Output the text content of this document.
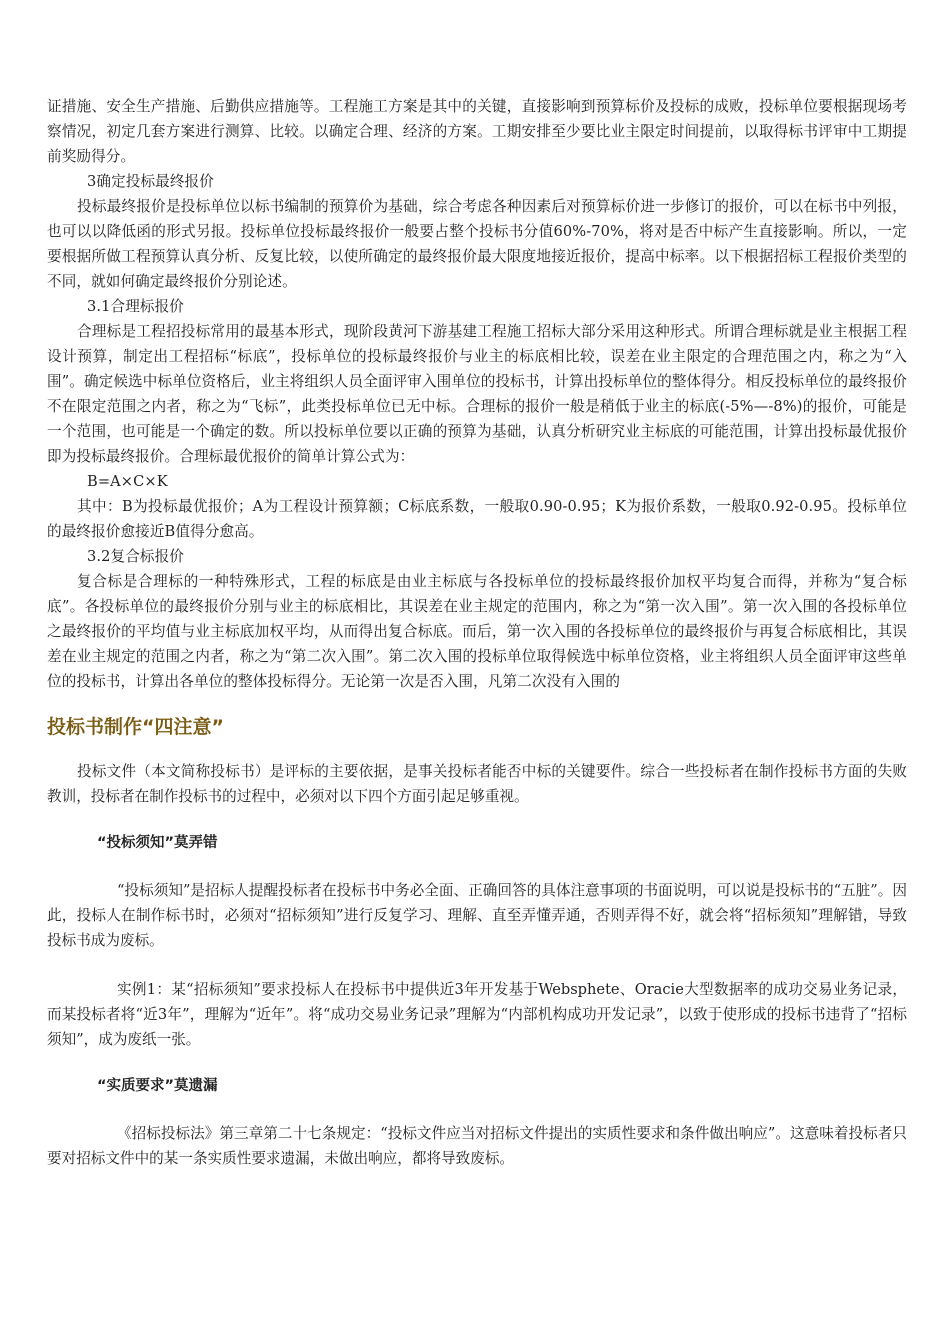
证措施、安全生产措施、后勤供应措施等。工程施工方案是其中的关键，直接影响到预算标价及投标的成败，投标单位要根据现场考察情况，初定几套方案进行测算、比较。以确定合理、经济的方案。工期安排至少要比业主限定时间提前，以取得标书评审中工期提前奖励得分。

3确定投标最终报价

投标最终报价是投标单位以标书编制的预算价为基础，综合考虑各种因素后对预算标价进一步修订的报价，可以在标书中列报，也可以以降低函的形式另报。投标单位投标最终报价一般要占整个投标书分值60%-70%，将对是否中标产生直接影响。所以，一定要根据所做工程预算认真分析、反复比较，以使所确定的最终报价最大限度地接近报价，提高中标率。以下根据招标工程报价类型的不同，就如何确定最终报价分别论述。

3.1合理标报价

合理标是工程招投标常用的最基本形式，现阶段黄河下游基建工程施工招标大部分采用这种形式。所谓合理标就是业主根据工程设计预算，制定出工程招标“标底”，投标单位的投标最终报价与业主的标底相比较，误差在业主限定的合理范围之内，称之为“入围”。确定候选中标单位资格后，业主将组织人员全面评审入围单位的投标书，计算出投标单位的整体得分。相反投标单位的最终报价不在限定范围之内者，称之为“飞标”，此类投标单位已无中标。合理标的报价一般是稍低于业主的标底(-5%—-8%)的报价，可能是一个范围，也可能是一个确定的数。所以投标单位要以正确的预算为基础，认真分析研究业主标底的可能范围，计算出投标最优报价即为投标最终报价。合理标最优报价的简单计算公式为：

B=A×C×K

其中：B为投标最优报价；A为工程设计预算额；C标底系数，一般取0.90-0.95；K为报价系数，一般取0.92-0.95。投标单位的最终报价愈接近B值得分愈高。

3.2复合标报价

复合标是合理标的一种特殊形式，工程的标底是由业主标底与各投标单位的投标最终报价加权平均复合而得，并称为“复合标底”。各投标单位的最终报价分别与业主的标底相比，其误差在业主规定的范围内，称之为“第一次入围”。第一次入围的各投标单位之最终报价的平均值与业主标底加权平均，从而得出复合标底。而后，第一次入围的各投标单位的最终报价与再复合标底相比，其误差在业主规定的范围之内者，称之为“第二次入围”。第二次入围的投标单位取得候选中标单位资格，业主将组织人员全面评审这些单位的投标书，计算出各单位的整体投标得分。无论第一次是否入围，凡第二次没有入围的

投标书制作“四注意”

投标文件（本文简称投标书）是评标的主要依据，是事关投标者能否中标的关键要件。综合一些投标者在制作投标书方面的失败教训，投标者在制作投标书的过程中，必须对以下四个方面引起足够重视。

“投标须知”莫弄错

“投标须知”是招标人提醒投标者在投标书中务必全面、正确回答的具体注意事项的书面说明，可以说是投标书的“五脏”。因此，投标人在制作标书时，必须对“招标须知”进行反复学习、理解、直至弄懂弄通，否则弄得不好，就会将“招标须知”理解错，导致投标书成为废标。

实例1：某“招标须知”要求投标人在投标书中提供近3年开发基于Websphete、Oracie大型数据率的成功交易业务记录，而某投标者将“近3年”，理解为“近年”。将“成功交易业务记录”理解为“内部机构成功开发记录”，以致于使形成的投标书违背了“招标须知”，成为废纸一张。

“实质要求”莫遗漏

《招标投标法》第三章第二十七条规定：“投标文件应当对招标文件提出的实质性要求和条件做出响应”。这意味着投标者只要对招标文件中的某一条实质性要求遗漏，未做出响应，都将导致废标。
